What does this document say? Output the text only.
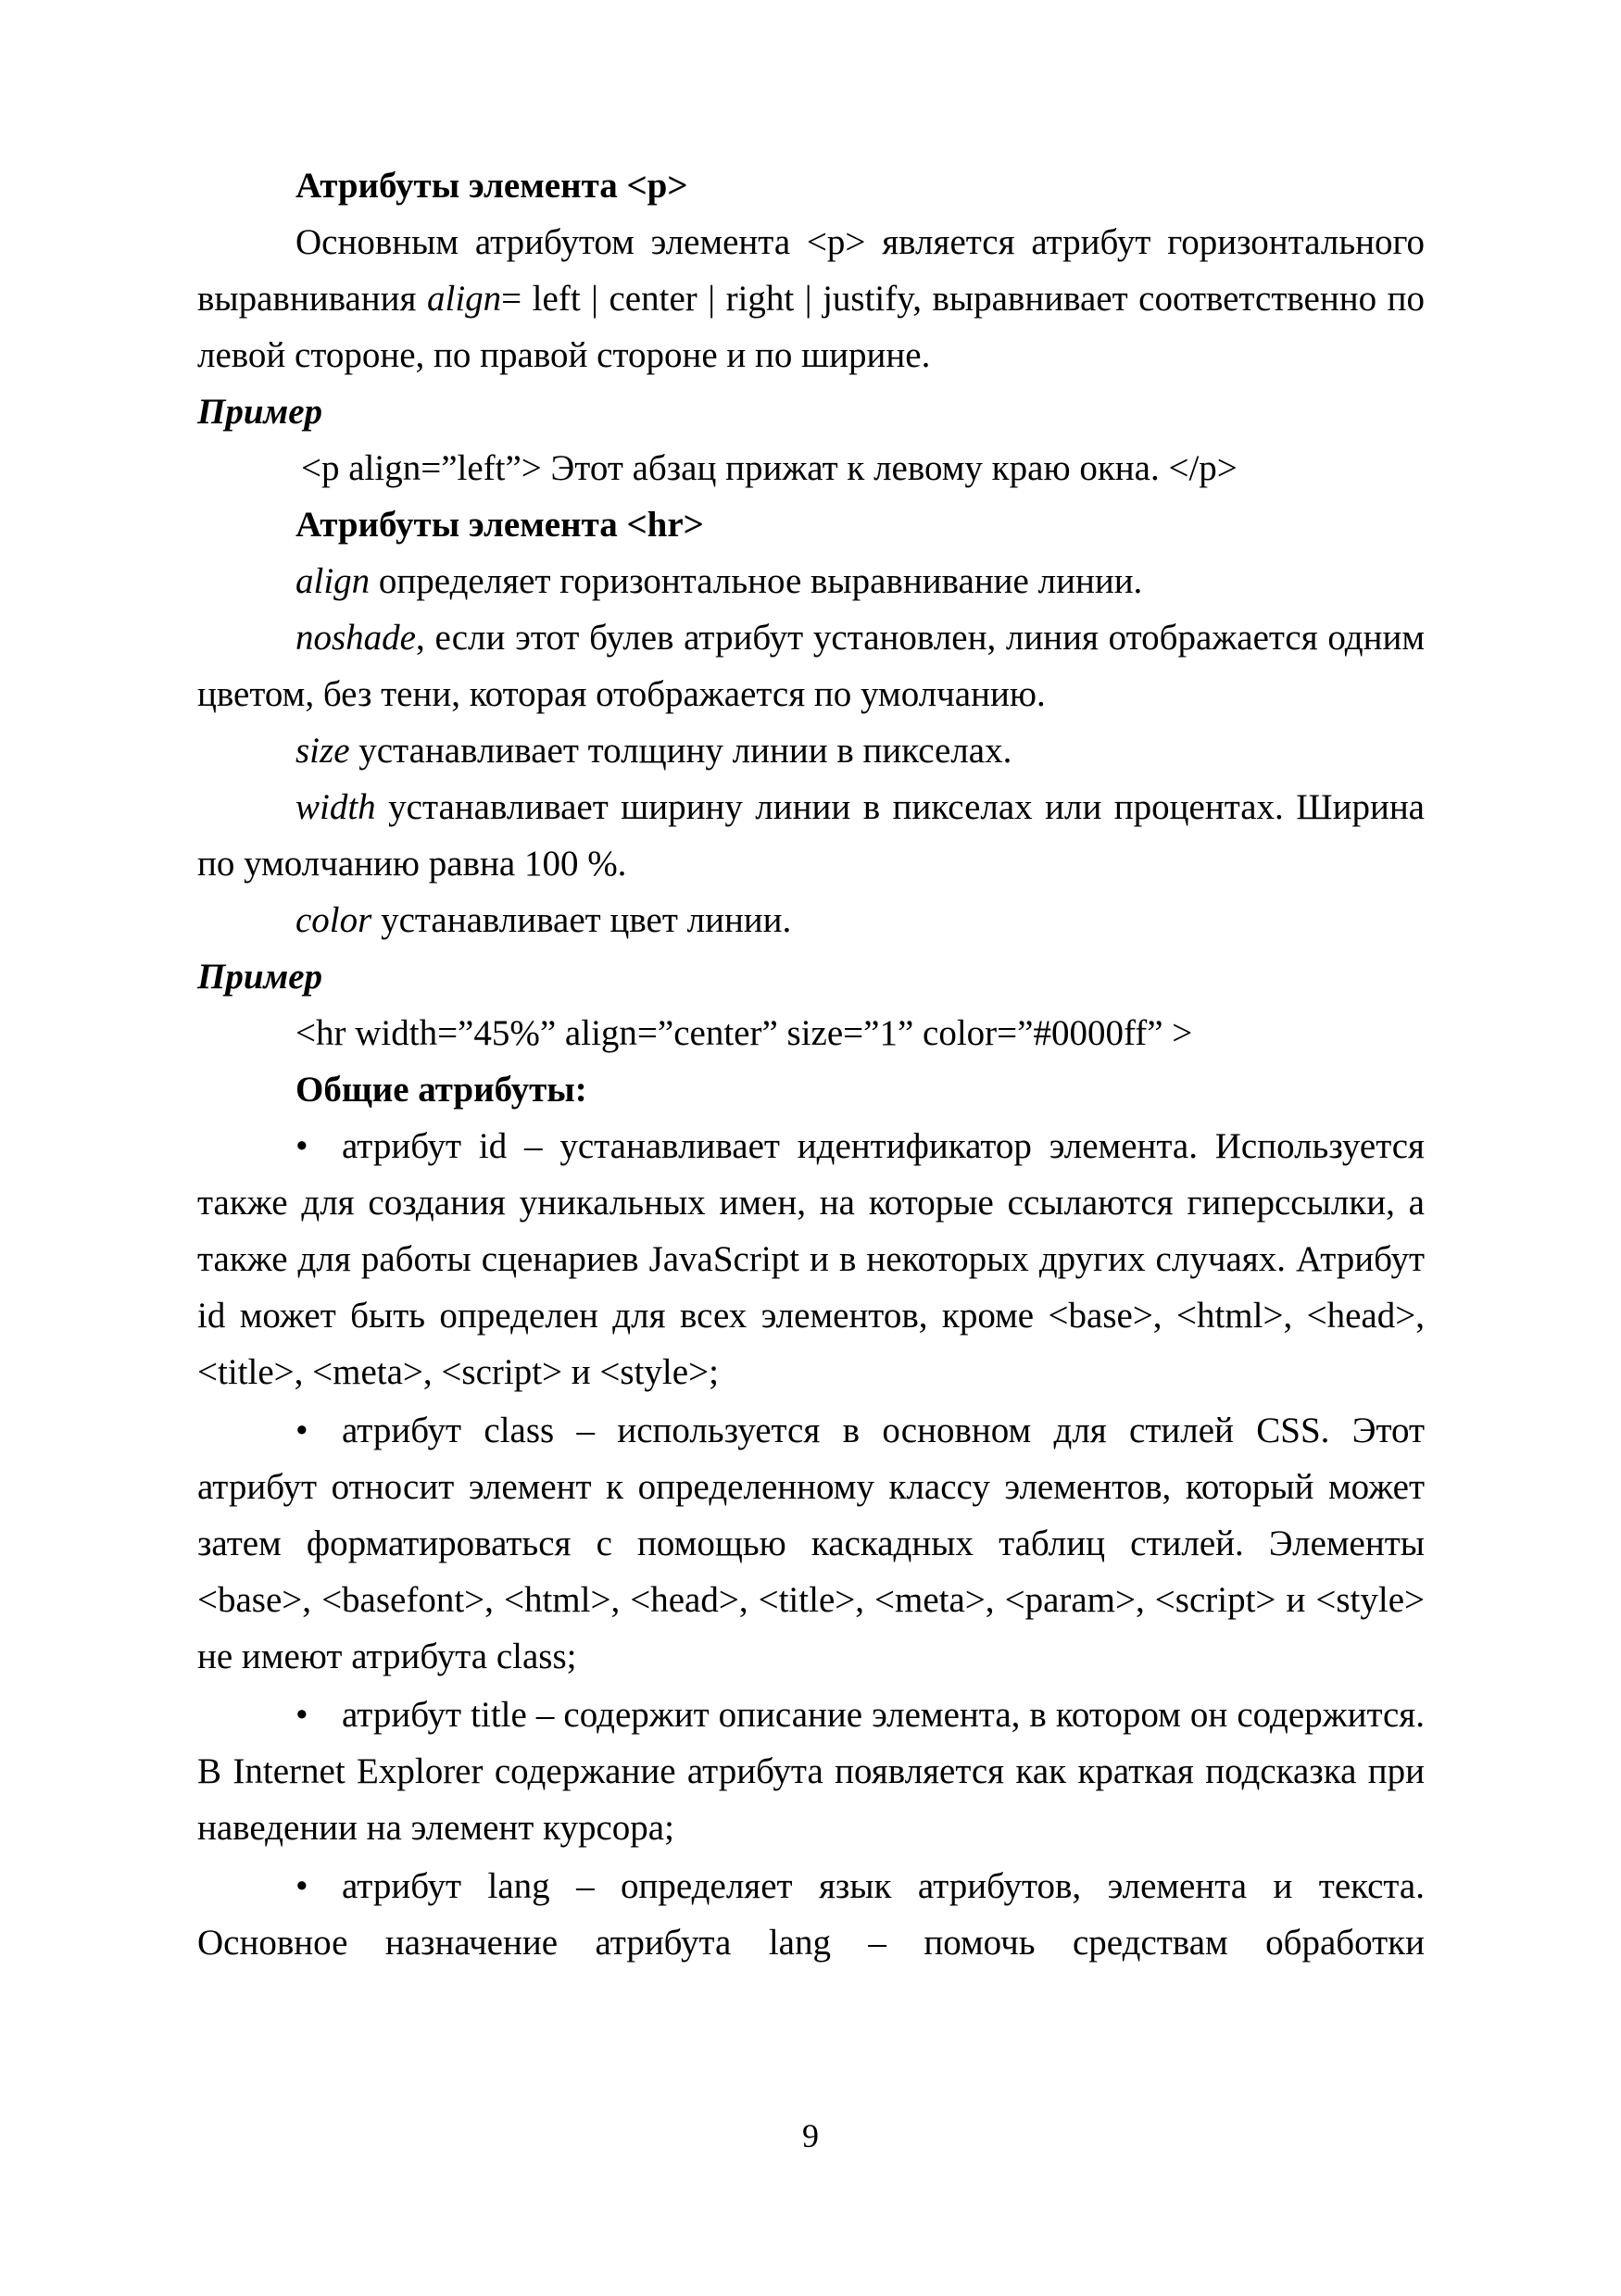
Атрибуты элемента <p>

Основным атрибутом элемента <p> является атрибут горизонтального выравнивания align= left | center | right | justify, выравнивает соответственно по левой стороне, по правой стороне и по ширине.

Пример

<p align=”left”> Этот абзац прижат к левому краю окна. </p>

Атрибуты элемента <hr>

align определяет горизонтальное выравнивание линии.

noshade, если этот булев атрибут установлен, линия отображается одним цветом, без тени, которая отображается по умолчанию.

size устанавливает толщину линии в пикселах.

width устанавливает ширину линии в пикселах или процентах. Ширина по умолчанию равна 100 %.

color устанавливает цвет линии.

Пример

<hr width=”45%” align=”center” size=”1” color=”#0000ff” >

Общие атрибуты:

• атрибут id – устанавливает идентификатор элемента. Используется также для создания уникальных имен, на которые ссылаются гиперссылки, а также для работы сценариев JavaScript и в некоторых других случаях. Атрибут id может быть определен для всех элементов, кроме <base>, <html>, <head>, <title>, <meta>, <script> и <style>;

• атрибут class – используется в основном для стилей CSS. Этот атрибут относит элемент к определенному классу элементов, который может затем форматироваться с помощью каскадных таблиц стилей. Элементы <base>, <basefont>, <html>, <head>, <title>, <meta>, <param>, <script> и <style> не имеют атрибута class;

• атрибут title – содержит описание элемента, в котором он содержится. В Internet Explorer содержание атрибута появляется как краткая подсказка при наведении на элемент курсора;

• атрибут lang – определяет язык атрибутов, элемента и текста. Основное назначение атрибута lang – помочь средствам обработки

9
